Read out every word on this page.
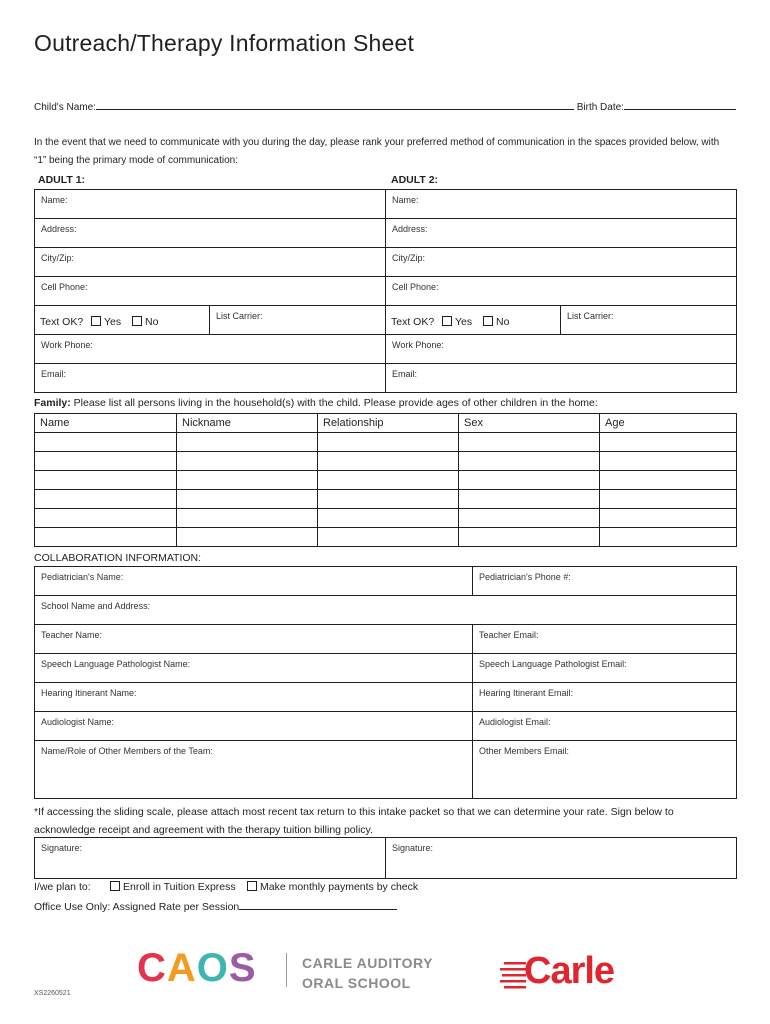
Outreach/Therapy Information Sheet
Child's Name:	Birth Date:
In the event that we need to communicate with you during the day, please rank your preferred method of communication in the spaces provided below, with “1” being the primary mode of communication:
ADULT 1:	ADULT 2:
Name:
Address:
City/Zip:
Cell Phone:
Text OK?	Yes	No	List Carrier:
Work Phone:
Email:
Name:
Address:
City/Zip:
Cell Phone:
Text OK?	Yes	No	List Carrier:
Work Phone:
Email:
Family: Please list all persons living in the household(s) with the child. Please provide ages of other children in the home:
Name	Nickname	Relationship	Sex	Age

COLLABORATION INFORMATION:
Pediatrician's Name:	Pediatrician's Phone #:
School Name and Address:
Teacher Name:	Teacher Email:
Speech Language Pathologist Name:	Speech Language Pathologist Email:
Hearing Itinerant Name:	Hearing Itinerant Email:
Audiologist Name:	Audiologist Email:
Name/Role of Other Members of the Team:	Other Members Email:
*If accessing the sliding scale, please attach most recent tax return to this intake packet so that we can determine your rate. Sign below to acknowledge receipt and agreement with the therapy tuition billing policy.
Signature:	Signature:
I/we plan to:	Enroll in Tuition Express	Make monthly payments by check
Office Use Only: Assigned Rate per Session
CAOS	CARLE AUDITORY
ORAL SCHOOL	Carle
XS2260521
